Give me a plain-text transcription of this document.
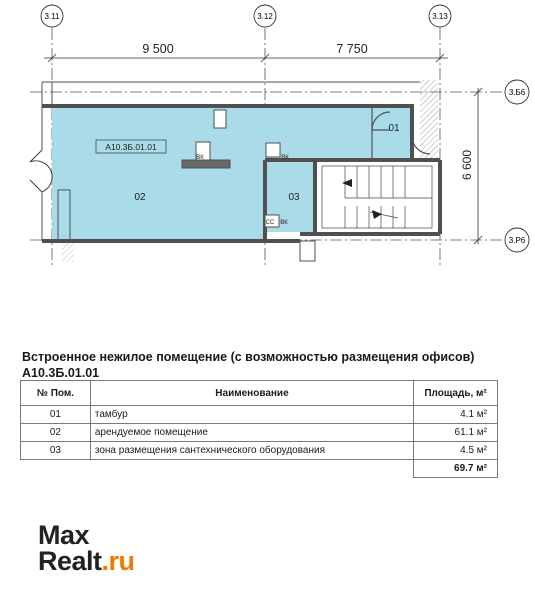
3.11	3.12	3.13
3.Б6
3.Р6
9 500	7 750
6 600
А10.3Б.01.01
01
02	03
ВК	ВК
СС ВК
Встроенное нежилое помещение (с возможностью размещения офисов)
А10.3Б.01.01
№ Пом.	Наименование	Площадь, м²
01	тамбур	4.1 м²
02	арендуемое помещение	61.1 м²
03	зона размещения сантехнического оборудования	4.5 м²
		69.7 м²
Max
Realt.ru
